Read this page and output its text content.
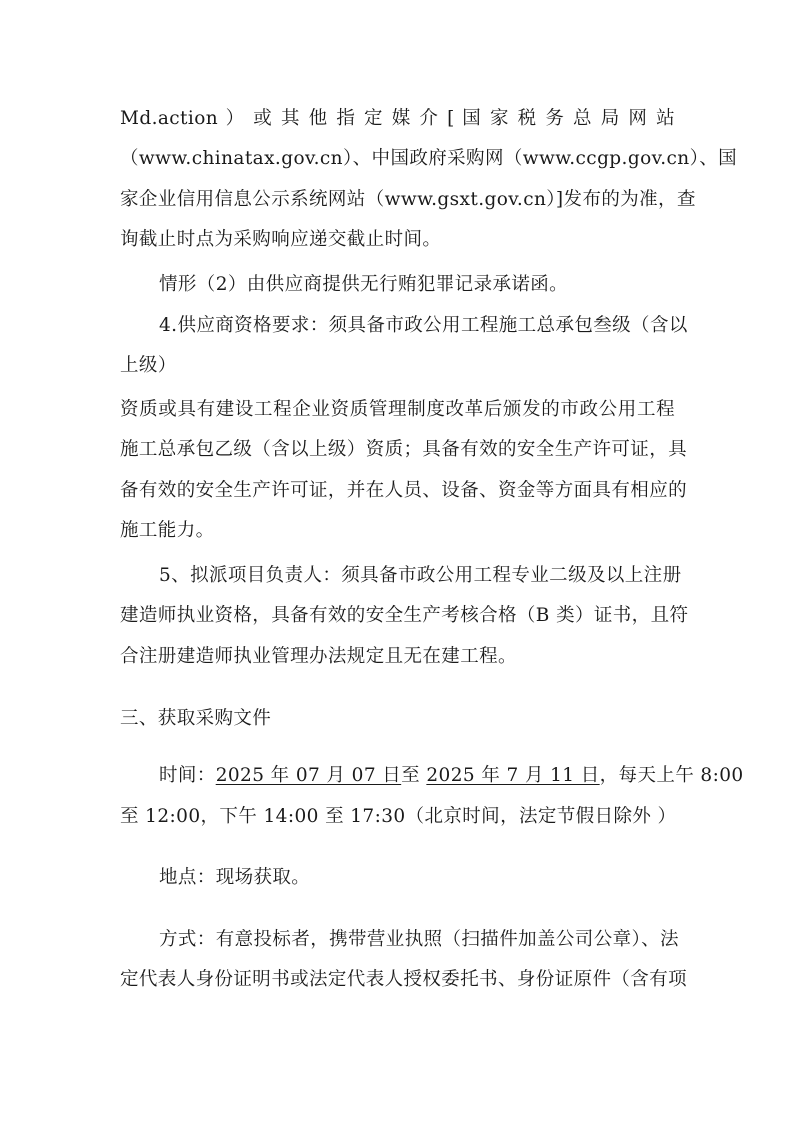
Md.action ） 或 其 他 指 定 媒 介 [ 国 家 税 务 总 局 网 站
（www.chinatax.gov.cn）、中国政府采购网（www.ccgp.gov.cn）、国
家企业信用信息公示系统网站（www.gsxt.gov.cn）]发布的为准，查
询截止时点为采购响应递交截止时间。
情形（2）由供应商提供无行贿犯罪记录承诺函。
4.供应商资格要求：须具备市政公用工程施工总承包叁级（含以
上级）
资质或具有建设工程企业资质管理制度改革后颁发的市政公用工程
施工总承包乙级（含以上级）资质；具备有效的安全生产许可证，具
备有效的安全生产许可证，并在人员、设备、资金等方面具有相应的
施工能力。
5、拟派项目负责人：须具备市政公用工程专业二级及以上注册
建造师执业资格，具备有效的安全生产考核合格（B 类）证书，且符
合注册建造师执业管理办法规定且无在建工程。
三、获取采购文件
时间：2025 年 07 月 07 日至 2025 年 7 月 11 日，每天上午 8:00
至 12:00，下午 14:00 至 17:30（北京时间，法定节假日除外 ）
地点：现场获取。
方式：有意投标者，携带营业执照（扫描件加盖公司公章）、法
定代表人身份证明书或法定代表人授权委托书、身份证原件（含有项
